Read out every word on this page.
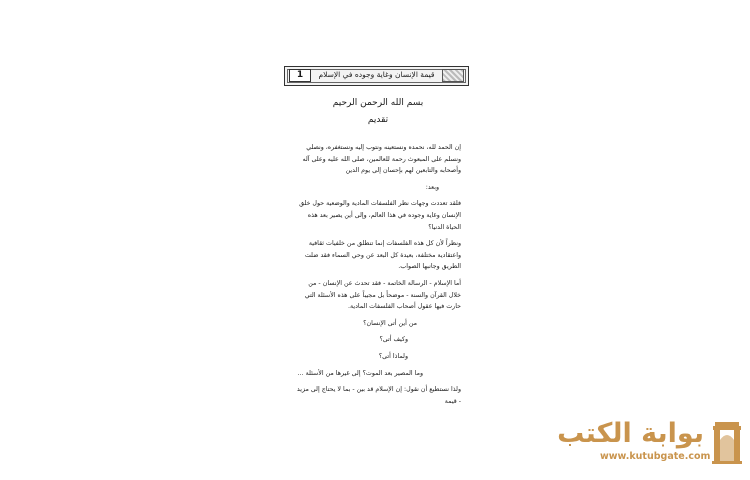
1	قيمة الإنسان وغاية وجوده في الإسلام

بسم الله الرحمن الرحيم

تقديم

إن الحمد لله، نحمده ونستعينه ونتوب إليه ونستغفره، ونصلي ونسلم على المبعوث رحمة للعالمين، صلى الله عليه وعلى آله وأصحابه والتابعين لهم بإحسان إلى يوم الدين

وبعد:

فلقد تعددت وجهات نظر الفلسفات المادية والوضعية حول خلق الإنسان وغاية وجوده في هذا العالم، وإلى أين يصير بعد هذه الحياة الدنيا؟

ونظراً لأن كل هذه الفلسفات إنما تنطلق من خلفيات ثقافية واعتقادية مختلفة، بعيدة كل البعد عن وحي السماء فقد ضلت الطريق وجانبها الصواب.

أما الإسلام - الرسالة الخاتمة - فقد تحدث عن الإنسان - من خلال القرآن والسنة - موضحاً بل مجيباً على هذه الأسئلة التي حارت فيها عقول أصحاب الفلسفات المادية.

من أين أتى الإنسان؟

وكيف أتى؟

ولماذا أتى؟

وما المصير بعد الموت؟ إلى غيرها من الأسئلة ...

ولذا نستطيع أن نقول: إن الإسلام قد بين - بما لا يحتاج إلى مزيد - قيمة

بوابة الكتب
www.kutubgate.com
